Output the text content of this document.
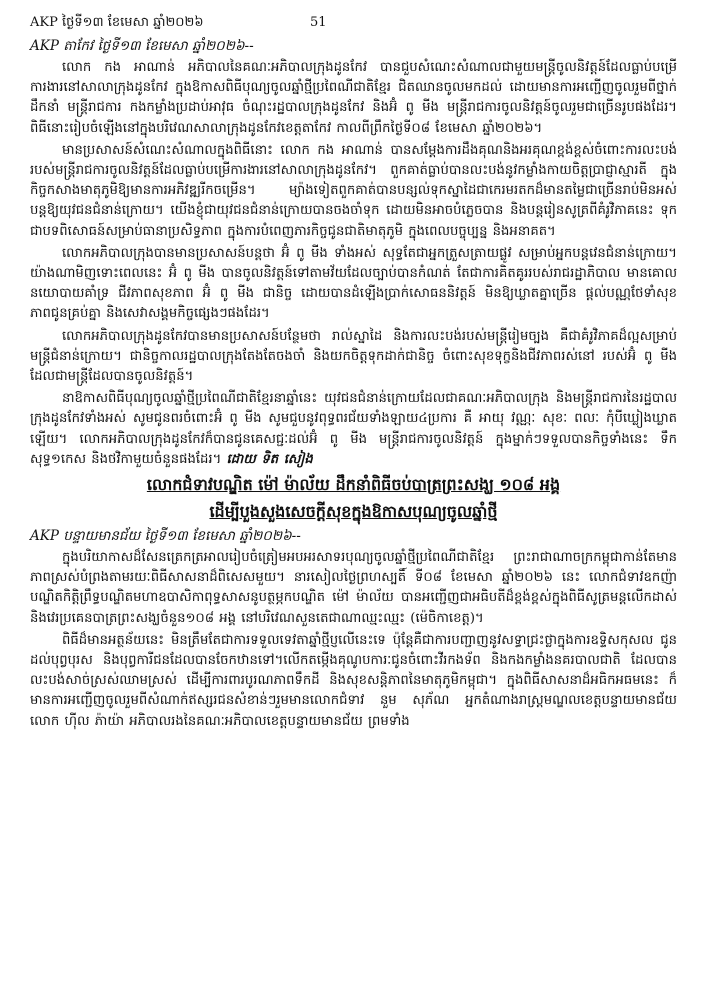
AKP ថ្ងៃទី១៣ ខែមេសា ឆ្នាំ២០២៦	51
AKP តាកែវ ថ្ងៃទី១៣ ខែមេសា ឆ្នាំ២០២៦--

លោក កង អាណាន់ អភិបាលនៃគណៈអភិបាលក្រុងដូនកែវ បានជួបសំណេះសំណាលជាមួយមន្ត្រីចូលនិវត្តន៍ដែលធ្លាប់បម្រើការងារនៅសាលាក្រុងដូនកែវ ក្នុងឱកាសពិធីបុណ្យចូលឆ្នាំថ្មីប្រពៃណីជាតិខ្មែរ ជិតឈានចូលមកដល់ ដោយមានការអញ្ជើញចូលរួមពីថ្នាក់ដឹកនាំ មន្ត្រីរាជការ កងកម្លាំងប្រដាប់អាវុធ ចំណុះរដ្ឋបាលក្រុងដូនកែវ និងអ៊ំ ពូ មីង មន្ត្រីរាជការចូលនិវត្តន៍ចូលរួមជាច្រើនរូបផងដែរ។ ពិធីនោះរៀបចំឡើងនៅក្នុងបរិវេណសាលាក្រុងដូនកែវខេត្តតាកែវ កាលពីព្រឹកថ្ងៃទី០៨ ខែមេសា ឆ្នាំ២០២៦។

មានប្រសាសន៍សំណេះសំណាលក្នុងពិធីនោះ លោក កង អាណាន់ បានសម្តែងការដឹងគុណនិងអរគុណខ្ពង់ខ្ពស់ចំពោះការលះបង់ របស់មន្ត្រីរាជការចូលនិវត្តន៍ដែលធ្លាប់បម្រើការងារនៅសាលាក្រុងដូនកែវ។ ពួកគាត់ធ្លាប់បានលះបង់នូវកម្លាំងកាយចិត្តប្រាជ្ញាស្មារតី ក្នុងកិច្ចកសាងមាតុភូមិឱ្យមានការអភិវឌ្ឍរីកចម្រើន។ ម្យ៉ាងទៀតពួកគាត់បានបន្សល់ទុកស្នាដៃជាកេរមរតកដ៏មានតម្លៃជាច្រើនរាប់មិនអស់បន្តឱ្យយុវជនជំនាន់ក្រោយ។ យើងខ្ញុំជាយុវជនជំនាន់ក្រោយបានចងចាំទុក ដោយមិនអាចបំភ្លេចបាន និងបន្តរៀនសូត្រពីគំរូវិភាគនេះ ទុកជាបទពិសោធន៍សម្រាប់ធានាប្រសិទ្ធភាព ក្នុងការបំពេញភារកិច្ចជូនជាតិមាតុភូមិ ក្នុងពេលបច្ចុប្បន្ន និងអនាគត។

លោកអភិបាលក្រុងបានមានប្រសាសន៍បន្តថា អ៊ំ ពូ មីង ទាំងអស់ សុទ្ធតែជាអ្នកត្រួសត្រាយផ្លូវ សម្រាប់អ្នកបន្តវេនជំនាន់ក្រោយ។ យ៉ាងណាមិញទោះពេលនេះ អ៊ំ ពូ មីង បានចូលនិវត្តន៍ទៅតាមវ័យដែលច្បាប់បានកំណត់ តែជាការគិតគូររបស់រាជរដ្ឋាភិបាល មានគោលនយោបាយគាំទ្រ ជីវភាពសុខភាព អ៊ំ ពូ មីង ជានិច្ច ដោយបានដំឡើងប្រាក់សោធននិវត្តន៍ មិនឱ្យឃ្លាតគ្នាច្រើន ផ្តល់បណ្ណថែទាំសុខភាពជូនគ្រប់គ្នា និងសេវាសង្គមកិច្ចផ្សេងៗផងដែរ។

លោកអភិបាលក្រុងដូនកែវបានមានប្រសាសន៍បន្ថែមថា រាល់ស្នាដៃ និងការលះបង់របស់មន្ត្រីរៀមច្បង គឺជាគំរូវិភាគដ៏ល្អសម្រាប់មន្ត្រីជំនាន់ក្រោយ។ ជានិច្ចកាលរដ្ឋបាលក្រុងតែងតែចងចាំ និងយកចិត្តទុកដាក់ជានិច្ច ចំពោះសុខទុក្ខនិងជីវភាពរស់នៅ របស់អ៊ំ ពូ មីង ដែលជាមន្ត្រីដែលបានចូលនិវត្តន៍។

នាឱកាសពិធីបុណ្យចូលឆ្នាំថ្មីប្រពៃណីជាតិខ្មែរនាឆ្នាំនេះ យុវជនជំនាន់ក្រោយដែលជាគណៈអភិបាលក្រុង និងមន្ត្រីរាជការនៃរដ្ឋបាលក្រុងដូនកែវទាំងអស់ សូមជូនពរចំពោះអ៊ំ ពូ មីង សូមជួបនូវពុទ្ធពរជ័យទាំងឡាយ៤ប្រការ គឺ អាយុ វណ្ណៈ សុខៈ ពលៈ កុំបីឃ្លៀងឃ្លាតឡើយ។ លោកអភិបាលក្រុងដូនកែវក៏បានជូនគេសជ្ជៈដល់អ៊ំ ពូ មីង មន្ត្រីរាជការចូលនិវត្តន៍ ក្នុងម្នាក់ៗទទួលបានកិច្ចទាំងនេះ ទឹកសុទ្ធ១កេស និងថវិកាមួយចំនួនផងដែរ។ ដោយ ទិត សៀង

លោកជំទាវបណ្ឌិត ម៉ៅ ម៉ាល័យ ដឹកនាំពិធីចប់បាត្រព្រះសង្ឃ ១០៨ អង្គ
ដើម្បីបួងសួងសេចក្តីសុខក្នុងឱកាសបុណ្យចូលឆ្នាំថ្មី
AKP បន្ទាយមានជ័យ ថ្ងៃទី១៣ ខែមេសា ឆ្នាំ២០២៦--

ក្នុងបរិយាកាសដ៏សែនត្រេកត្រអាលរៀបចំត្រៀមអបអរសាទរបុណ្យចូលឆ្នាំថ្មីប្រពៃណីជាតិខ្មែរ ព្រះរាជាណាចក្រកម្ពុជាកាន់តែមានភាពស្រស់បំព្រងតាមរយៈពិធីសាសនាដ៏ពិសេសមួយ។ នារសៀលថ្ងៃព្រហស្បតិ៍ ទី០៨ ខែមេសា ឆ្នាំ២០២៦ នេះ លោកជំទាវឧកញ៉ាបណ្ឌិតកិត្តិព្រឹទ្ធបណ្ឌិតមហាឧបាសិកាពុទ្ធសាសនូបត្ថម្ភកបណ្ឌិត ម៉ៅ ម៉ាល័យ បានអញ្ជើញជាអធិបតីដ៏ខ្ពង់ខ្ពស់ក្នុងពិធីសូត្រមន្តលើកដាស់ និងវេរប្រគេនបាត្រព្រះសង្ឃចំនួន១០៨ អង្គ នៅបរិវេណសួនតេជាណាឈ្មះឈ្មះ (ម៉េចិកាខេត្ត)។

ពិធីដ៏មានអត្ថន័យនេះ មិនត្រឹមតែជាការទទួលទេវតាឆ្នាំថ្មីប្ញលើនេះទេ ប៉ុន្តែគឺជាការបញ្ជាញនូវសទ្ធាជ្រះថ្លាក្នុងការឧទ្ទិសកុសល ជូនដល់បុព្វបុរស និងបុព្វការីជនដែលបានចែកឋានទៅ។លើកតម្កើងគុណូបការៈជូនចំពោះវីរកងទ័ព និងកងកម្លាំងនគរបាលជាតិ ដែលបានលះបង់សាច់ស្រស់ឈាមស្រស់ ដើម្បីការពារបូរណភាពទឹកដី និងសុខសន្តិភាពនៃមាតុភូមិកម្ពុជា។ ក្នុងពិធីសាសនាដ៏អធិកអធមនេះ ក៏មានការអញ្ជើញចូលរួមពីសំណាក់ឥស្សរជនសំខាន់ៗរួមមានលោកជំទាវ នួម សុភ័ណ អ្នកតំណាងរាស្ត្រមណ្ឌលខេត្តបន្ទាយមានជ័យ លោក ហ៊ីល ភ៉ាយ៉ា អភិបាលរងនៃគណៈអភិបាលខេត្តបន្ទាយមានជ័យ ព្រមទាំង
